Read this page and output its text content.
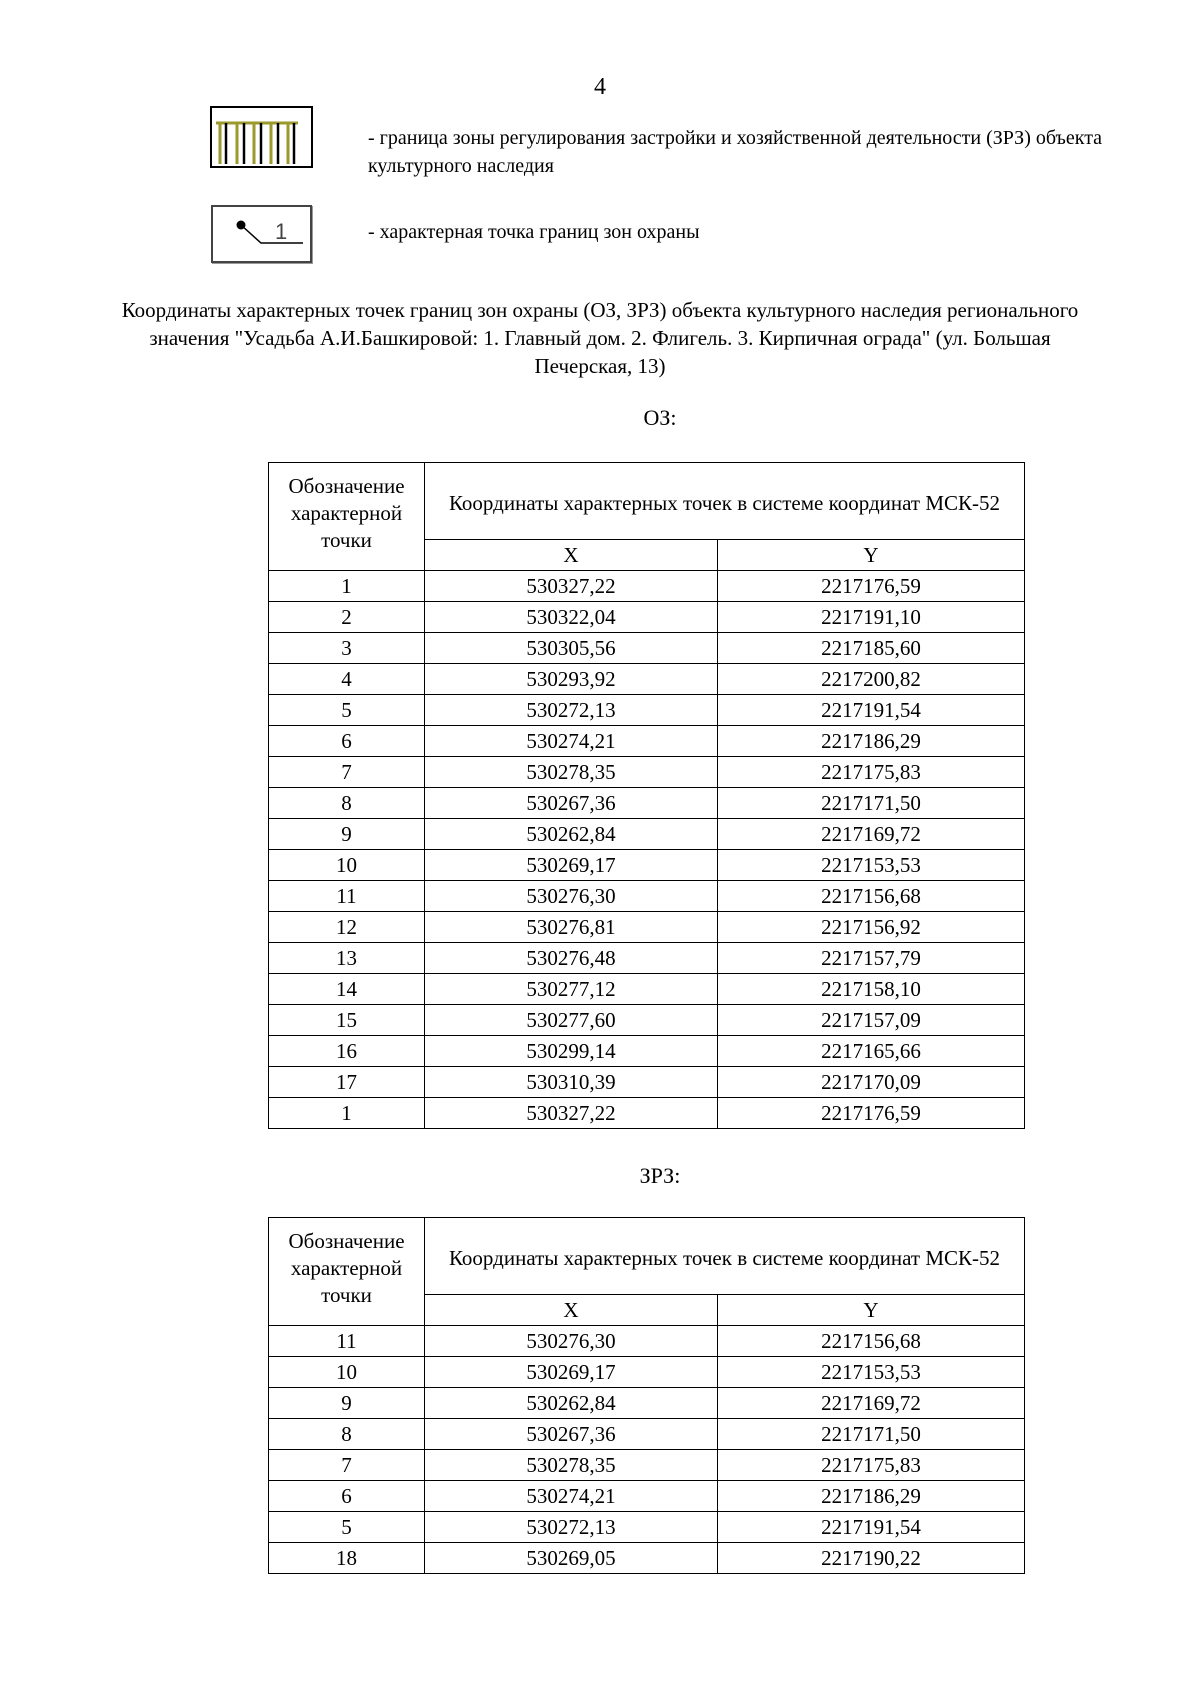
4
- граница зоны регулирования застройки и хозяйственной деятельности (ЗРЗ) объекта культурного наследия
1	- характерная точка границ зон охраны
Координаты характерных точек границ зон охраны (ОЗ, ЗРЗ) объекта культурного наследия регионального значения "Усадьба А.И.Башкировой: 1. Главный дом. 2. Флигель. 3. Кирпичная ограда" (ул. Большая Печерская, 13)
ОЗ:
Обозначение характерной точки	Координаты характерных точек в системе координат МСК-52	
	X	Y
1	530327,22	2217176,59
2	530322,04	2217191,10
3	530305,56	2217185,60
4	530293,92	2217200,82
5	530272,13	2217191,54
6	530274,21	2217186,29
7	530278,35	2217175,83
8	530267,36	2217171,50
9	530262,84	2217169,72
10	530269,17	2217153,53
11	530276,30	2217156,68
12	530276,81	2217156,92
13	530276,48	2217157,79
14	530277,12	2217158,10
15	530277,60	2217157,09
16	530299,14	2217165,66
17	530310,39	2217170,09
1	530327,22	2217176,59
ЗРЗ:
Обозначение характерной точки	Координаты характерных точек в системе координат МСК-52	
	X	Y
11	530276,30	2217156,68
10	530269,17	2217153,53
9	530262,84	2217169,72
8	530267,36	2217171,50
7	530278,35	2217175,83
6	530274,21	2217186,29
5	530272,13	2217191,54
18	530269,05	2217190,22
